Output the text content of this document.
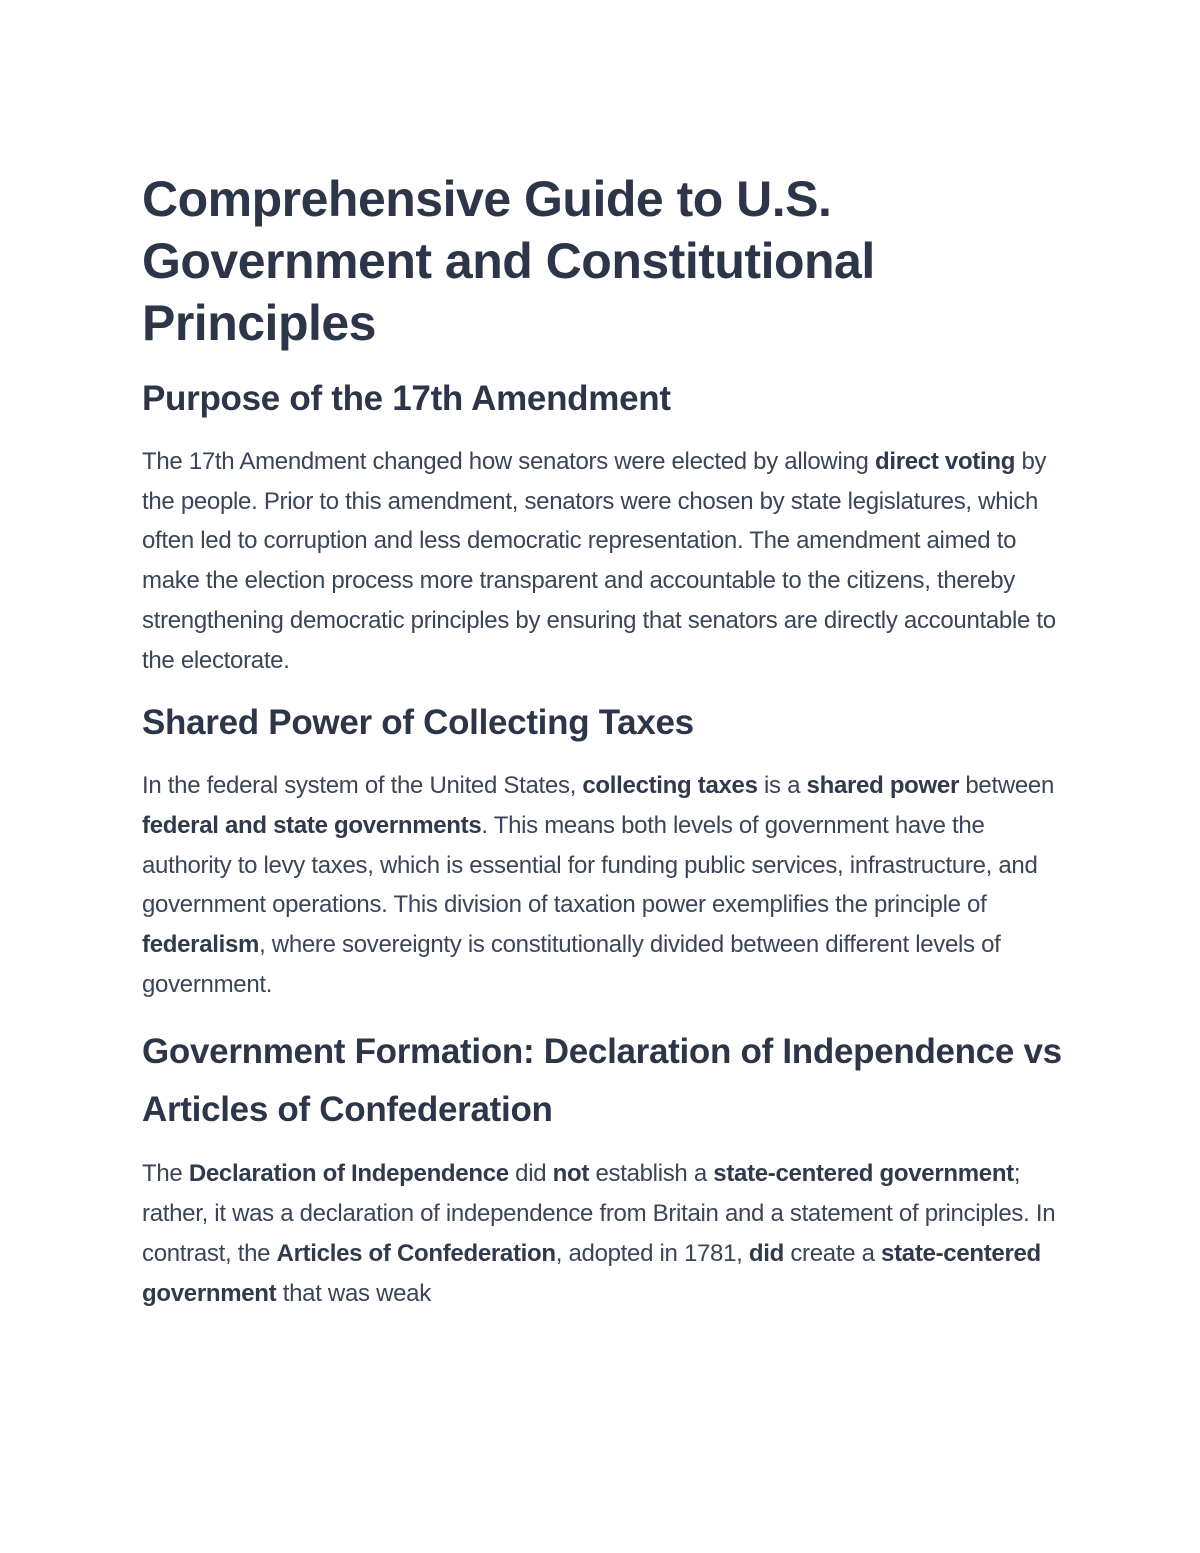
Comprehensive Guide to U.S. Government and Constitutional Principles
Purpose of the 17th Amendment

The 17th Amendment changed how senators were elected by allowing direct voting by the people. Prior to this amendment, senators were chosen by state legislatures, which often led to corruption and less democratic representation. The amendment aimed to make the election process more transparent and accountable to the citizens, thereby strengthening democratic principles by ensuring that senators are directly accountable to the electorate.

Shared Power of Collecting Taxes

In the federal system of the United States, collecting taxes is a shared power between federal and state governments. This means both levels of government have the authority to levy taxes, which is essential for funding public services, infrastructure, and government operations. This division of taxation power exemplifies the principle of federalism, where sovereignty is constitutionally divided between different levels of government.

Government Formation: Declaration of Independence vs Articles of Confederation

The Declaration of Independence did not establish a state-centered government; rather, it was a declaration of independence from Britain and a statement of principles. In contrast, the Articles of Confederation, adopted in 1781, did create a state-centered government that was weak
